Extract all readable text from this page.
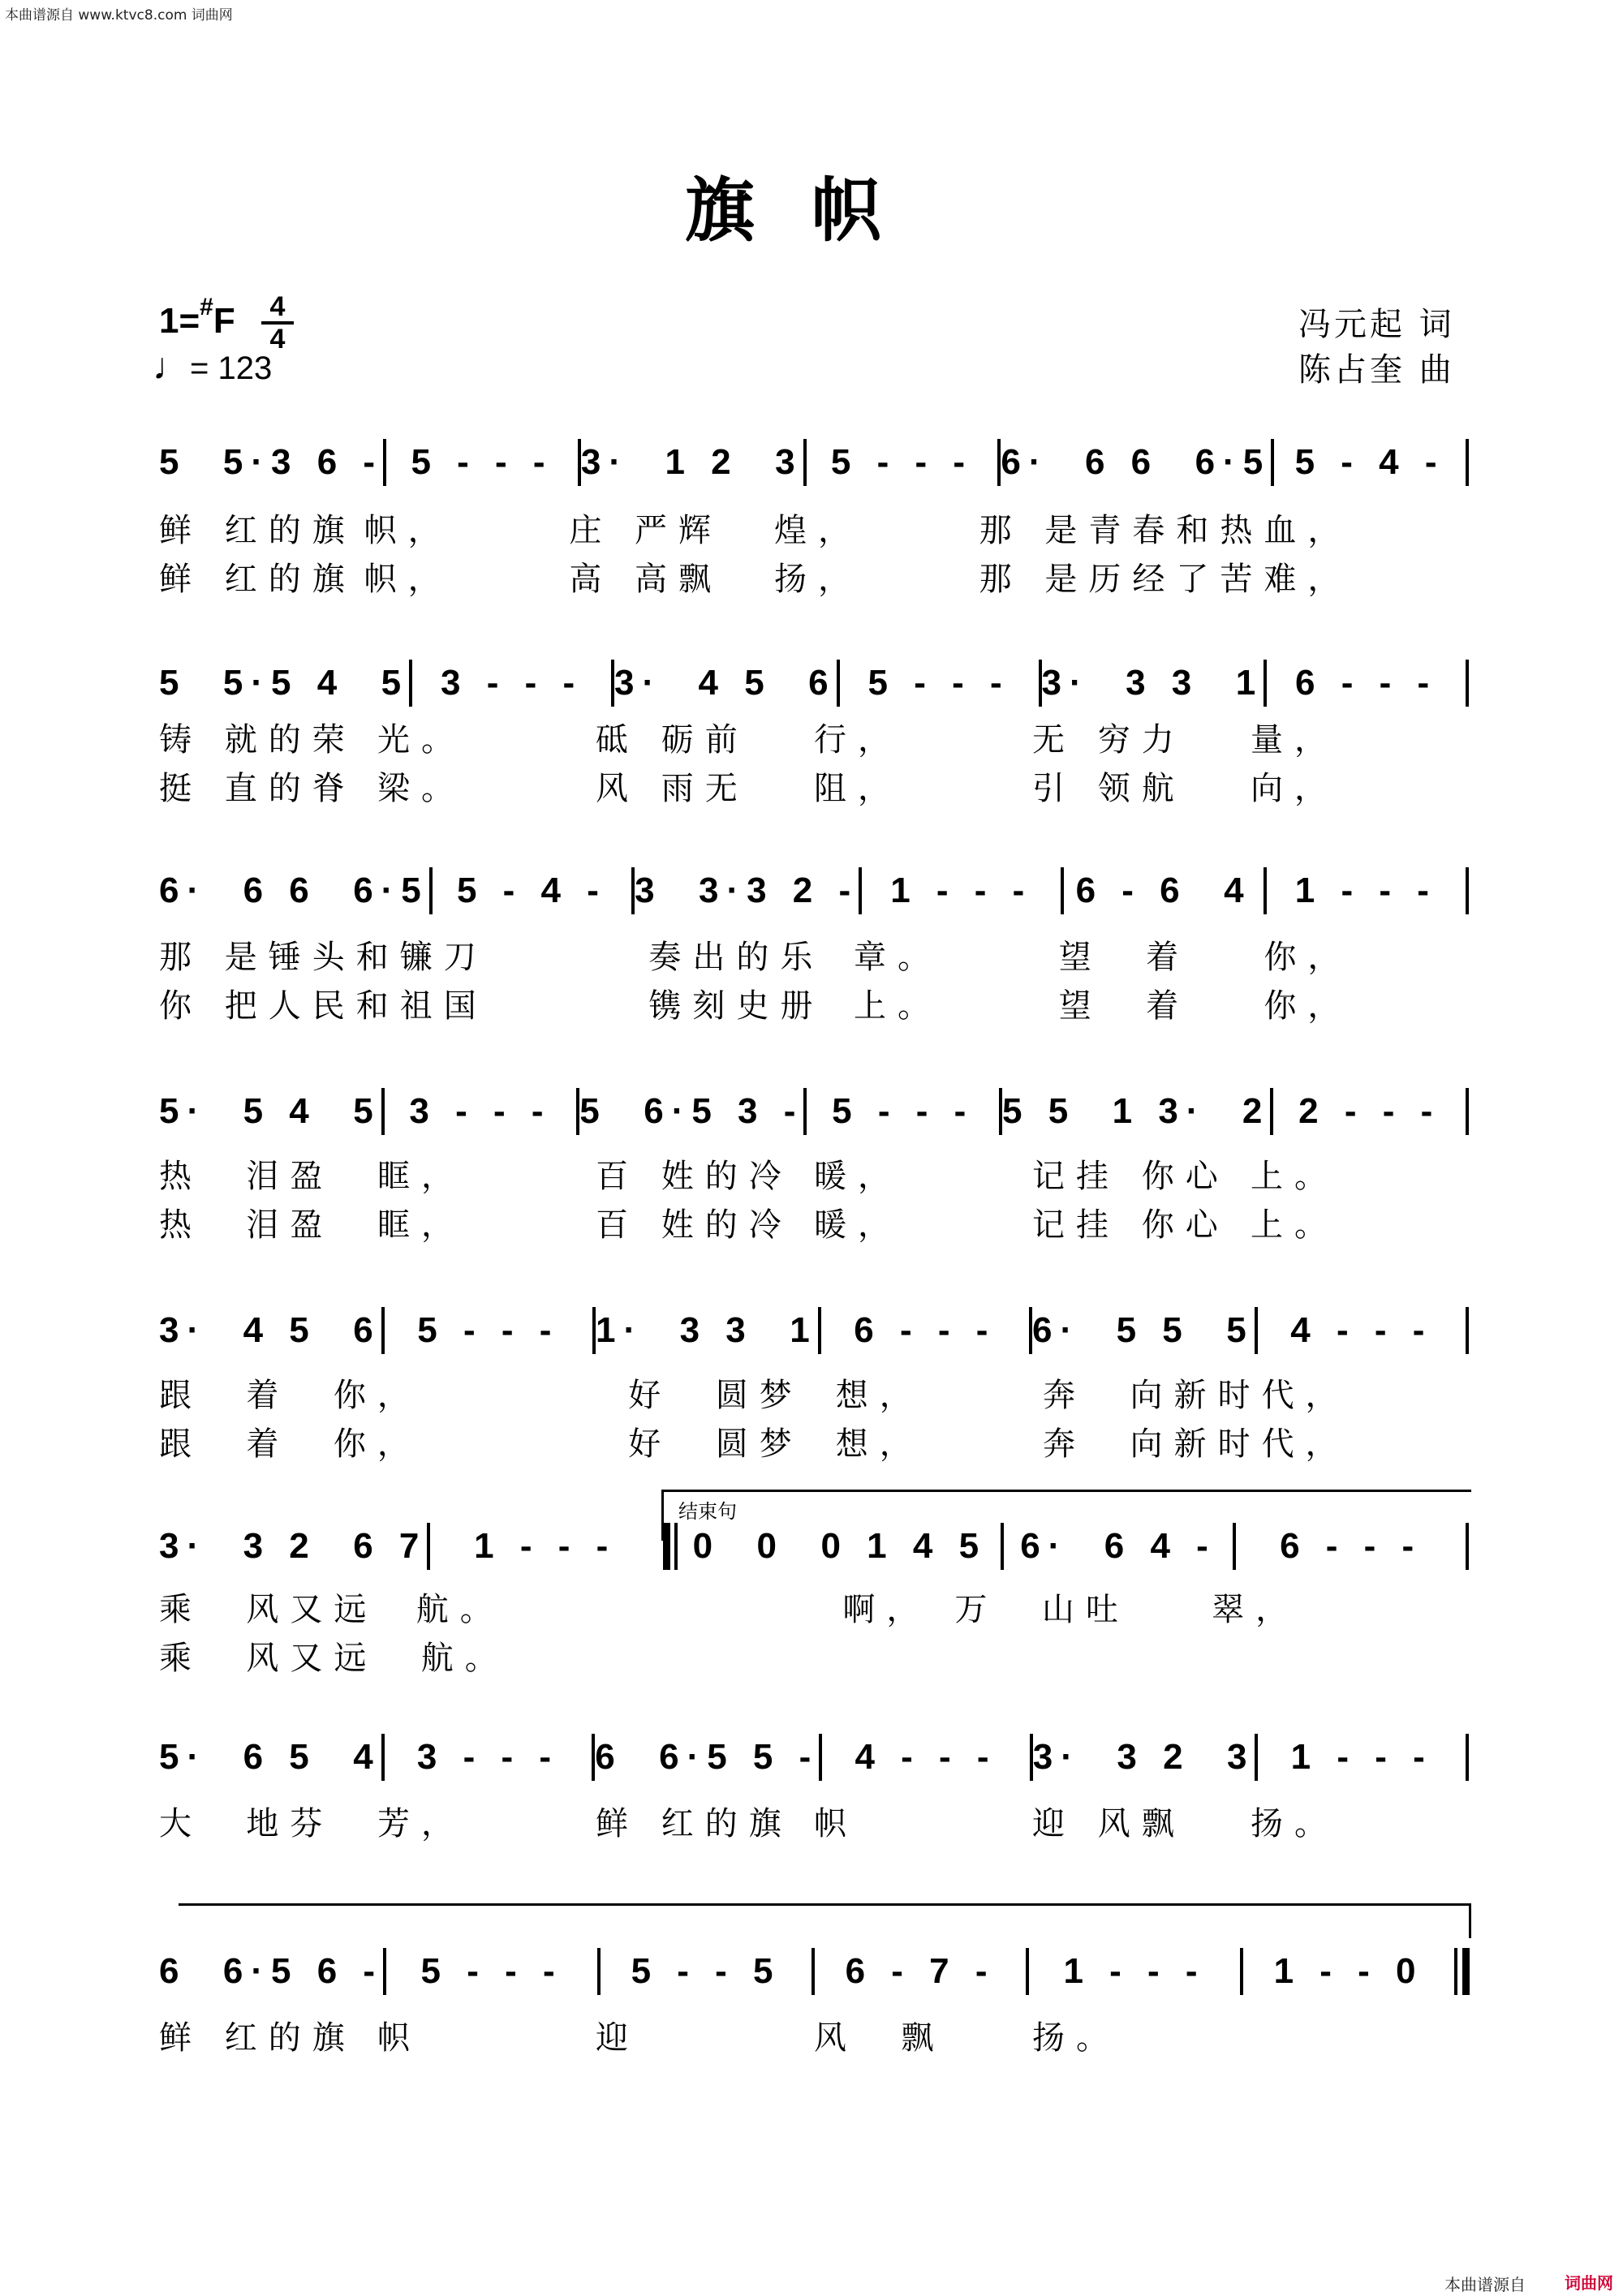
本曲谱源自 www.ktvc8.com 词曲网
旗帜
1=#F	4
4
♩= 123
冯元起 词
陈占奎 曲
5  5·3 6 - 5 - - - 3·  1 2  3 5 - - - 6·  6 6  6·5 5 - 4 -
鲜 红的旗 帜，	庄 严辉	煌，	那 是青春和热 血，
鲜 红的旗 帜，	高 高飘	扬，	那 是历经了苦 难，
5  5·5 4  5 3 - - - 3·  4 5  6 5 - - - 3·  3 3  1 6 - - -
铸 就的荣 光。	砥 砺前	行，	无 穷力	量，
挺 直的脊 梁。	风 雨无	阻，	引 领航	向，
6·  6 6  6·5 5 - 4 - 3  3·3 2 - 1 - - -	6 - 6  4	1 - - -
那 是锤头和镰 刀	奏出的乐 章。	望  着	你，
你 把人民和祖 国	镌刻史册 上。	望  着	你，
5·  5 4  5 3 - - - 5  6·5 3 - 5 - - - 5 5  1 3·  2 2 - - -
热  泪盈	眶，	百 姓的冷 暖，	记挂 你心 上。
热  泪盈	眶，	百 姓的冷 暖，	记挂 你心 上。
3·  4 5  6	5 - - -	1·  3 3  1	6 - - -	6·  5 5  5	4 - - -
跟  着  你，	好  圆梦 想，	奔  向新时 代，
跟  着  你，	好  圆梦 想，	奔  向新时 代，
结束句
3·  3 2  6 7	1 - - -	0  0  0 1 4 5 6·  6 4 -	6 - - -
乘  风又远	航。	啊， 万  山吐	翠，
乘  风又远	航。
5·  6 5  4	3 - - -	6  6·5 5 -	4 - - -	3·  3 2  3	1 - - -
大  地芬	芳，	鲜 红的旗 帜	迎 风飘	扬。
6  6·5 6 -	5 - - -	5 - - 5	6 - 7 -	1 - - -	1 - - 0
鲜 红的旗 帜	迎	风  飘	扬。
本曲谱源自 词曲网
